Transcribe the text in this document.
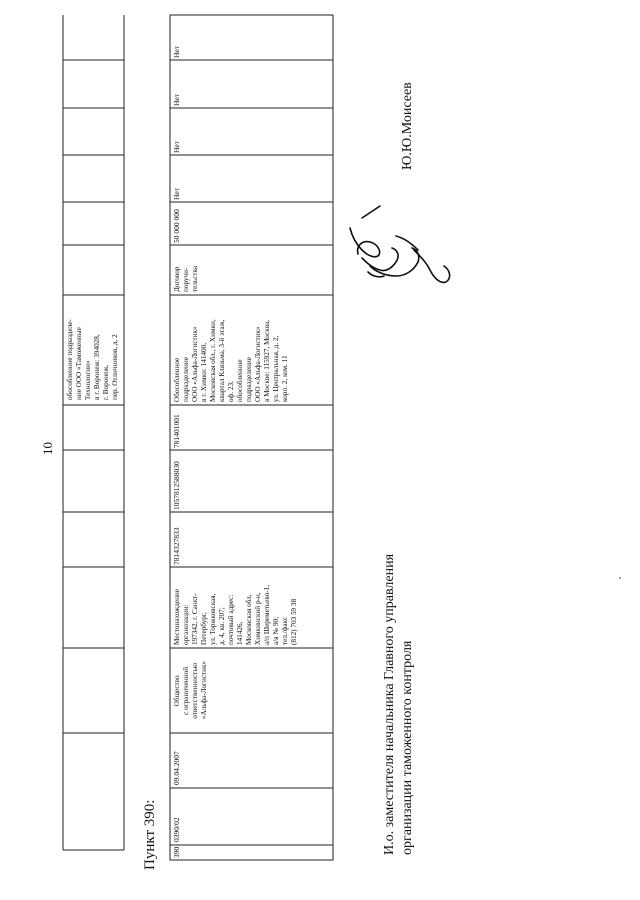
обособленное подразделе- ние ООО «Таможенные Технологии» в г. Воронеж: 394028, г. Воронеж, пер. Отличников, д. 2
10
Пункт 390: 390
0390/02
09.04.2007
Общество с ограниченной ответственностью «Альфа-Логистик»
Местонахождение организации: 197342, г. Санкт- Петербург, ул. Торжковская, д. 4, кв. 207; почтовый адрес: 141426, Московская обл, Химкинский р-н, а/п Шереметьево-1, а/я № 90; тел./факс (812) 703 59 38
7814327833
1057812588030
781401001
Обособленное подразделение ООО «Альфа-Логистик» в г. Химки: 141400, Московская обл., г. Химки, квартал Клязьма, 3-й этаж, оф. 23; обособленное подразделение ООО «Альфа-Логистик» в Москве: 115927, Москва, ул. Центральная, д. 2, корп. 2, ком. 11
Договор поручи- тельства
50 000 000
Нет
Нет
Нет
Нет
И.о. заместителя начальника Главного управления организации таможенного контроля
Ю.Ю.Моисеев
